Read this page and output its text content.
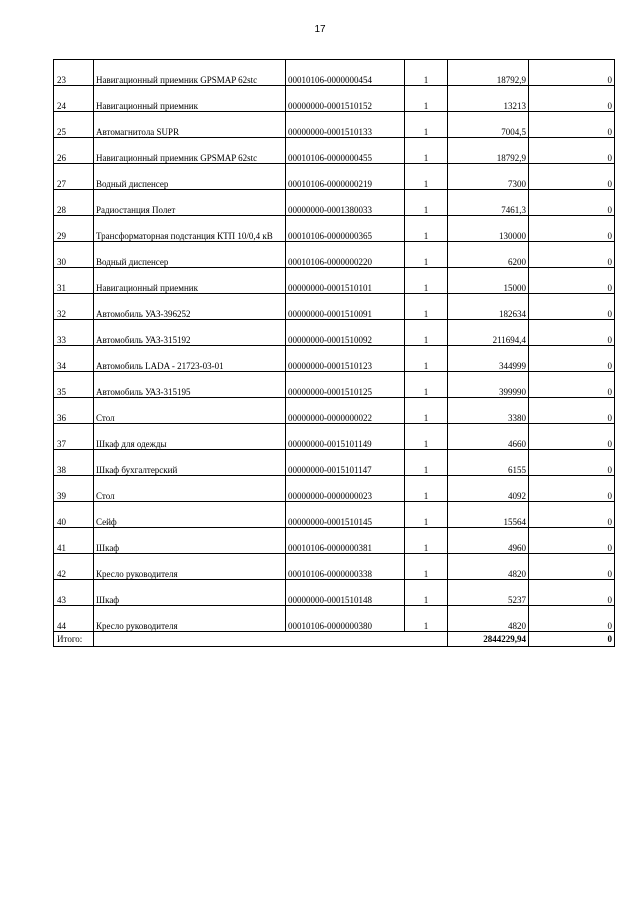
17
23	Навигационный приемник GPSMAP 62stc	00010106-0000000454	1	18792,9	0
24	Навигационный приемник	00000000-0001510152	1	13213	0
25	Автомагнитола SUPR	00000000-0001510133	1	7004,5	0
26	Навигационный приемник GPSMAP 62stc	00010106-0000000455	1	18792,9	0
27	Водный диспенсер	00010106-0000000219	1	7300	0
28	Радиостанция Полет	00000000-0001380033	1	7461,3	0
29	Трансформаторная подстанция КТП 10/0,4 кВ	00010106-0000000365	1	130000	0
30	Водный диспенсер	00010106-0000000220	1	6200	0
31	Навигационный приемник	00000000-0001510101	1	15000	0
32	Автомобиль УАЗ-396252	00000000-0001510091	1	182634	0
33	Автомобиль УАЗ-315192	00000000-0001510092	1	211694,4	0
34	Автомобиль LADA - 21723-03-01	00000000-0001510123	1	344999	0
35	Автомобиль УАЗ-315195	00000000-0001510125	1	399990	0
36	Стол	00000000-0000000022	1	3380	0
37	Шкаф для одежды	00000000-0015101149	1	4660	0
38	Шкаф бухгалтерский	00000000-0015101147	1	6155	0
39	Стол	00000000-0000000023	1	4092	0
40	Сейф	00000000-0001510145	1	15564	0
41	Шкаф	00010106-0000000381	1	4960	0
42	Кресло руководителя	00010106-0000000338	1	4820	0
43	Шкаф	00000000-0001510148	1	5237	0
44	Кресло руководителя	00010106-0000000380	1	4820	0
Итого:				2844229,94	0
